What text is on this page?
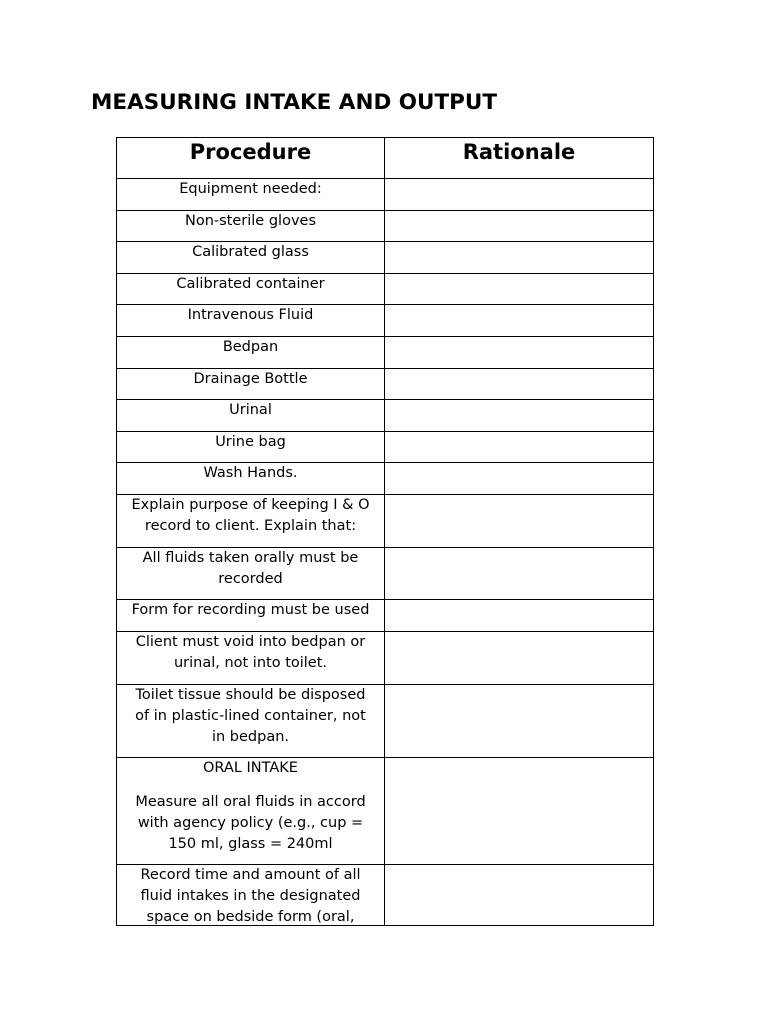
MEASURING INTAKE AND OUTPUT
Procedure	Rationale

Equipment needed:	

Non-sterile gloves	

Calibrated glass	

Calibrated container	

Intravenous Fluid	

Bedpan	

Drainage Bottle	

Urinal	

Urine bag	

Wash Hands.	

Explain purpose of keeping I & O
record to client. Explain that:	

All fluids taken orally must be
recorded	

Form for recording must be used	

Client must void into bedpan or
urinal, not into toilet.	

Toilet tissue should be disposed
of in plastic-lined container, not
in bedpan.	

ORAL INTAKE
Measure all oral fluids in accord
with agency policy (e.g., cup =
150 ml, glass = 240ml	

Record time and amount of all
fluid intakes in the designated
space on bedside form (oral,	
